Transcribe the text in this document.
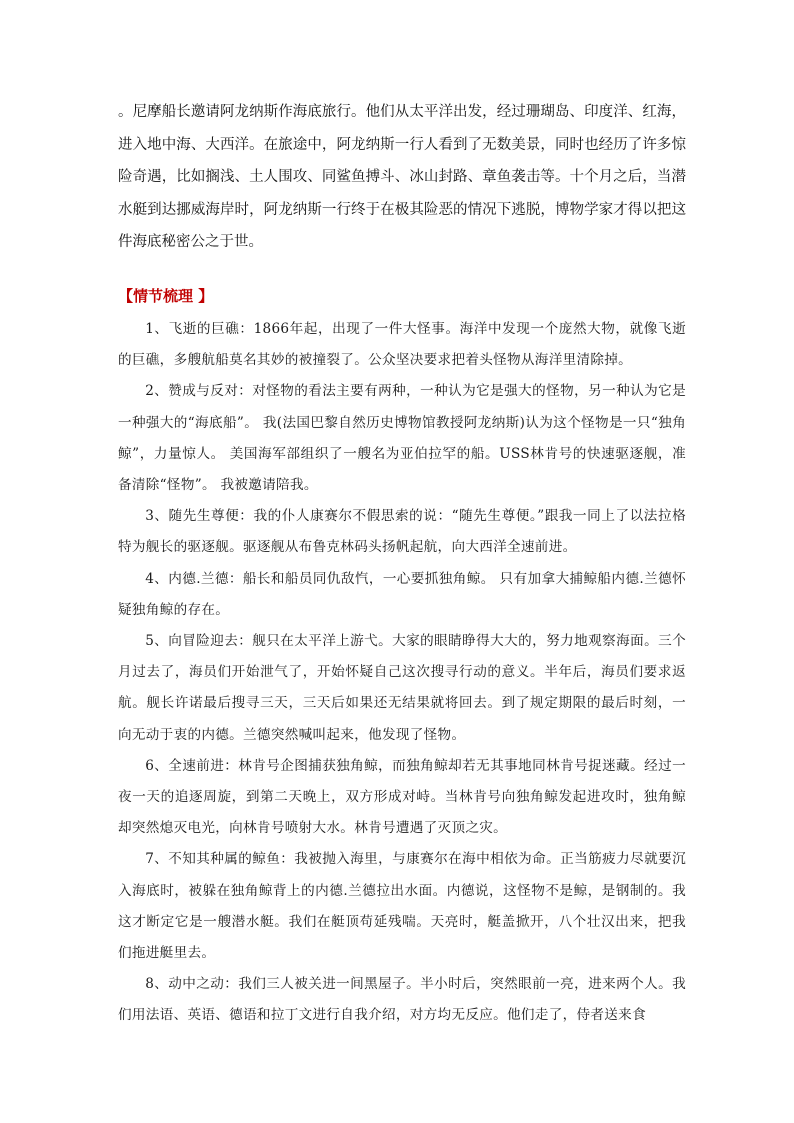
。尼摩船长邀请阿龙纳斯作海底旅行。他们从太平洋出发，经过珊瑚岛、印度洋、红海，进入地中海、大西洋。在旅途中，阿龙纳斯一行人看到了无数美景，同时也经历了许多惊险奇遇，比如搁浅、土人围攻、同鲨鱼搏斗、冰山封路、章鱼袭击等。十个月之后，当潜水艇到达挪威海岸时，阿龙纳斯一行终于在极其险恶的情况下逃脱，博物学家才得以把这件海底秘密公之于世。

【情节梳理 】

1、飞逝的巨礁：1866年起，出现了一件大怪事。海洋中发现一个庞然大物，就像飞逝的巨礁，多艘航船莫名其妙的被撞裂了。公众坚决要求把着头怪物从海洋里清除掉。

2、赞成与反对：对怪物的看法主要有两种，一种认为它是强大的怪物，另一种认为它是一种强大的“海底船”。 我(法国巴黎自然历史博物馆教授阿龙纳斯)认为这个怪物是一只“独角鲸”，力量惊人。 美国海军部组织了一艘名为亚伯拉罕的船。USS林肯号的快速驱逐舰，准备清除“怪物”。 我被邀请陪我。

3、随先生尊便：我的仆人康赛尔不假思索的说：“随先生尊便。”跟我一同上了以法拉格特为舰长的驱逐舰。驱逐舰从布鲁克林码头扬帆起航，向大西洋全速前进。

4、内德.兰德：船长和船员同仇敌忾，一心要抓独角鲸。 只有加拿大捕鲸船内德.兰德怀疑独角鲸的存在。

5、向冒险迎去：舰只在太平洋上游弋。大家的眼睛睁得大大的，努力地观察海面。三个月过去了，海员们开始泄气了，开始怀疑自己这次搜寻行动的意义。半年后，海员们要求返航。舰长许诺最后搜寻三天，三天后如果还无结果就将回去。到了规定期限的最后时刻，一向无动于衷的内德。兰德突然喊叫起来，他发现了怪物。

6、全速前进：林肯号企图捕获独角鲸，而独角鲸却若无其事地同林肯号捉迷藏。经过一夜一天的追逐周旋，到第二天晚上，双方形成对峙。当林肯号向独角鲸发起进攻时，独角鲸却突然熄灭电光，向林肯号喷射大水。林肯号遭遇了灭顶之灾。

7、不知其种属的鲸鱼：我被抛入海里，与康赛尔在海中相依为命。正当筋疲力尽就要沉入海底时，被躲在独角鲸背上的内德.兰德拉出水面。内德说，这怪物不是鲸，是钢制的。我这才断定它是一艘潜水艇。我们在艇顶苟延残喘。天亮时，艇盖掀开，八个壮汉出来，把我们拖进艇里去。

8、动中之动：我们三人被关进一间黑屋子。半小时后，突然眼前一亮，进来两个人。我们用法语、英语、德语和拉丁文进行自我介绍，对方均无反应。他们走了，侍者送来食
